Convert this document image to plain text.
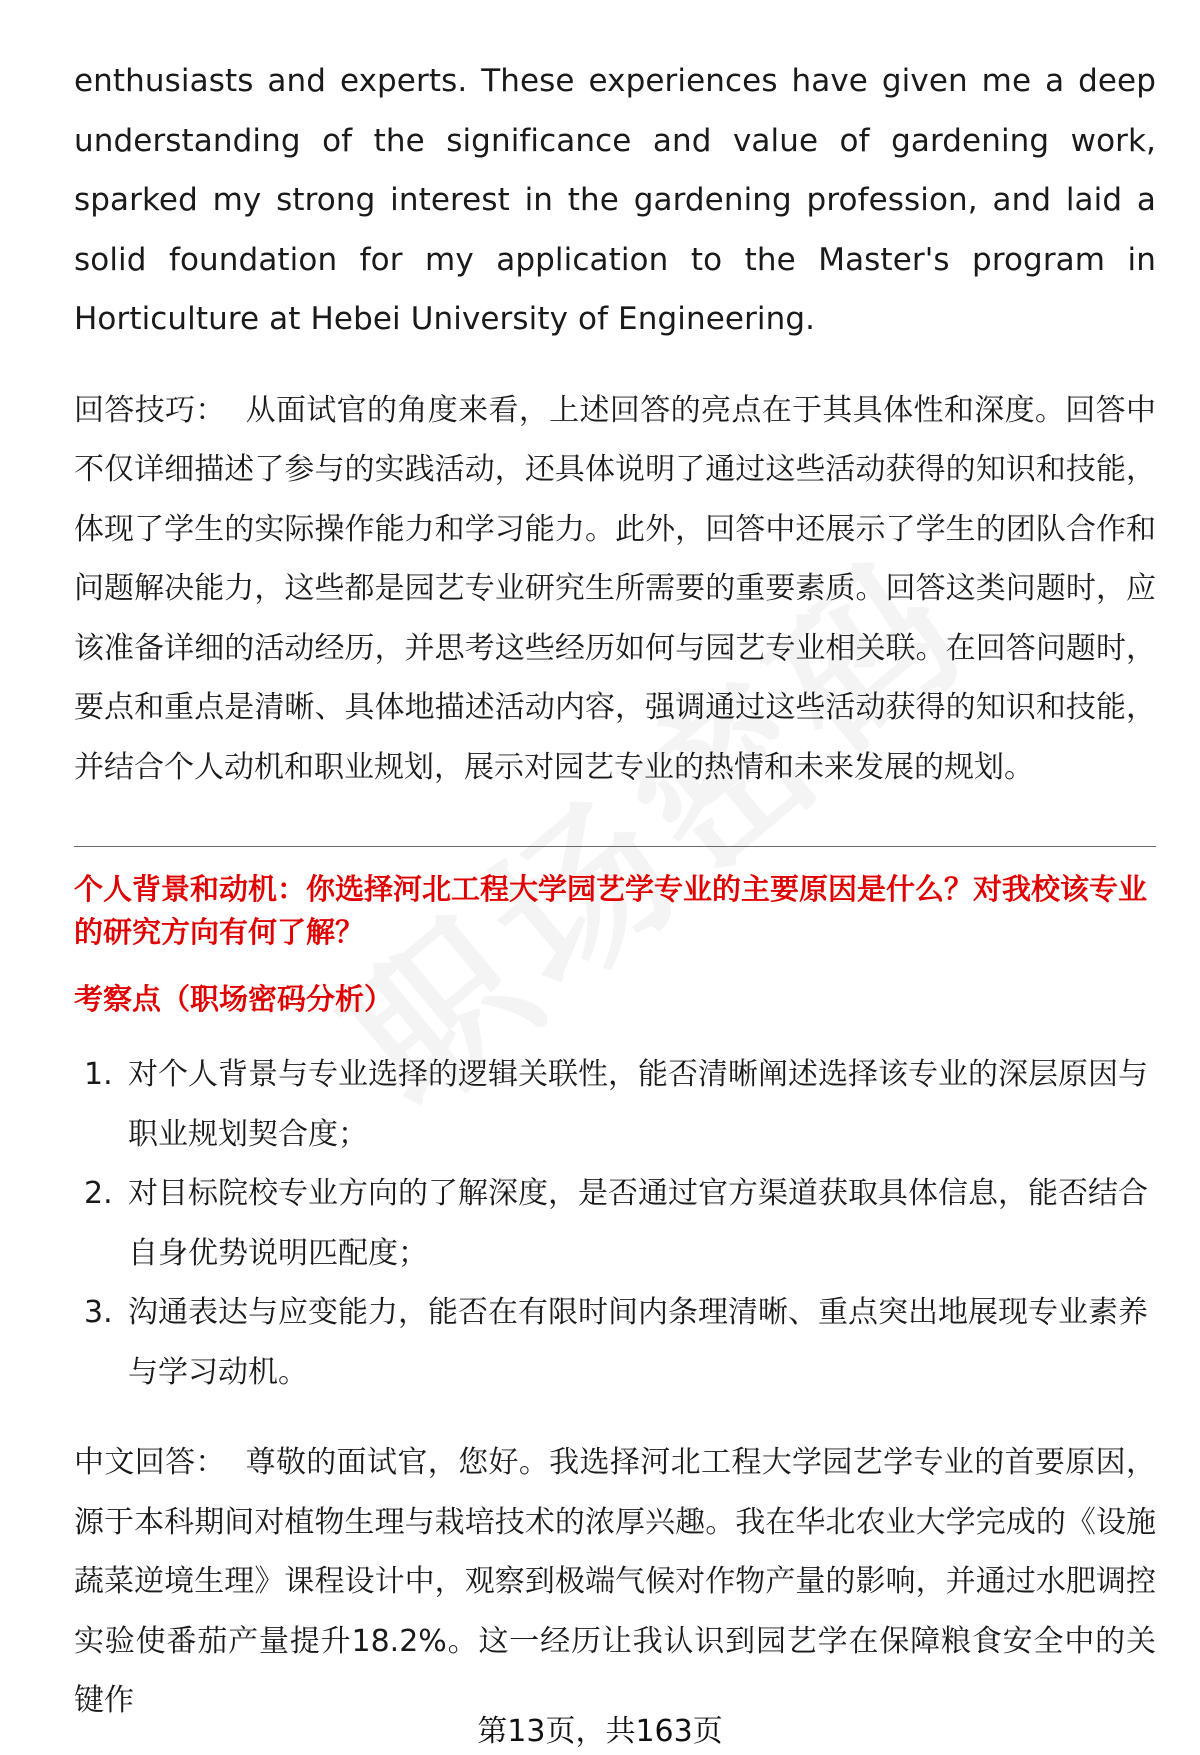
enthusiasts and experts. These experiences have given me a deep understanding of the significance and value of gardening work, sparked my strong interest in the gardening profession, and laid a solid foundation for my application to the Master's program in Horticulture at Hebei University of Engineering.

回答技巧： 从面试官的角度来看，上述回答的亮点在于其具体性和深度。回答中不仅详细描述了参与的实践活动，还具体说明了通过这些活动获得的知识和技能，体现了学生的实际操作能力和学习能力。此外，回答中还展示了学生的团队合作和问题解决能力，这些都是园艺专业研究生所需要的重要素质。回答这类问题时，应该准备详细的活动经历，并思考这些经历如何与园艺专业相关联。在回答问题时，要点和重点是清晰、具体地描述活动内容，强调通过这些活动获得的知识和技能，并结合个人动机和职业规划，展示对园艺专业的热情和未来发展的规划。

个人背景和动机：你选择河北工程大学园艺学专业的主要原因是什么？对我校该专业的研究方向有何了解？

考察点（职场密码分析）

1. 对个人背景与专业选择的逻辑关联性，能否清晰阐述选择该专业的深层原因与职业规划契合度；
2. 对目标院校专业方向的了解深度，是否通过官方渠道获取具体信息，能否结合自身优势说明匹配度；
3. 沟通表达与应变能力，能否在有限时间内条理清晰、重点突出地展现专业素养与学习动机。

中文回答： 尊敬的面试官，您好。我选择河北工程大学园艺学专业的首要原因，源于本科期间对植物生理与栽培技术的浓厚兴趣。我在华北农业大学完成的《设施蔬菜逆境生理》课程设计中，观察到极端气候对作物产量的影响，并通过水肥调控实验使番茄产量提升18.2%。这一经历让我认识到园艺学在保障粮食安全中的关键作

第13页，共163页
